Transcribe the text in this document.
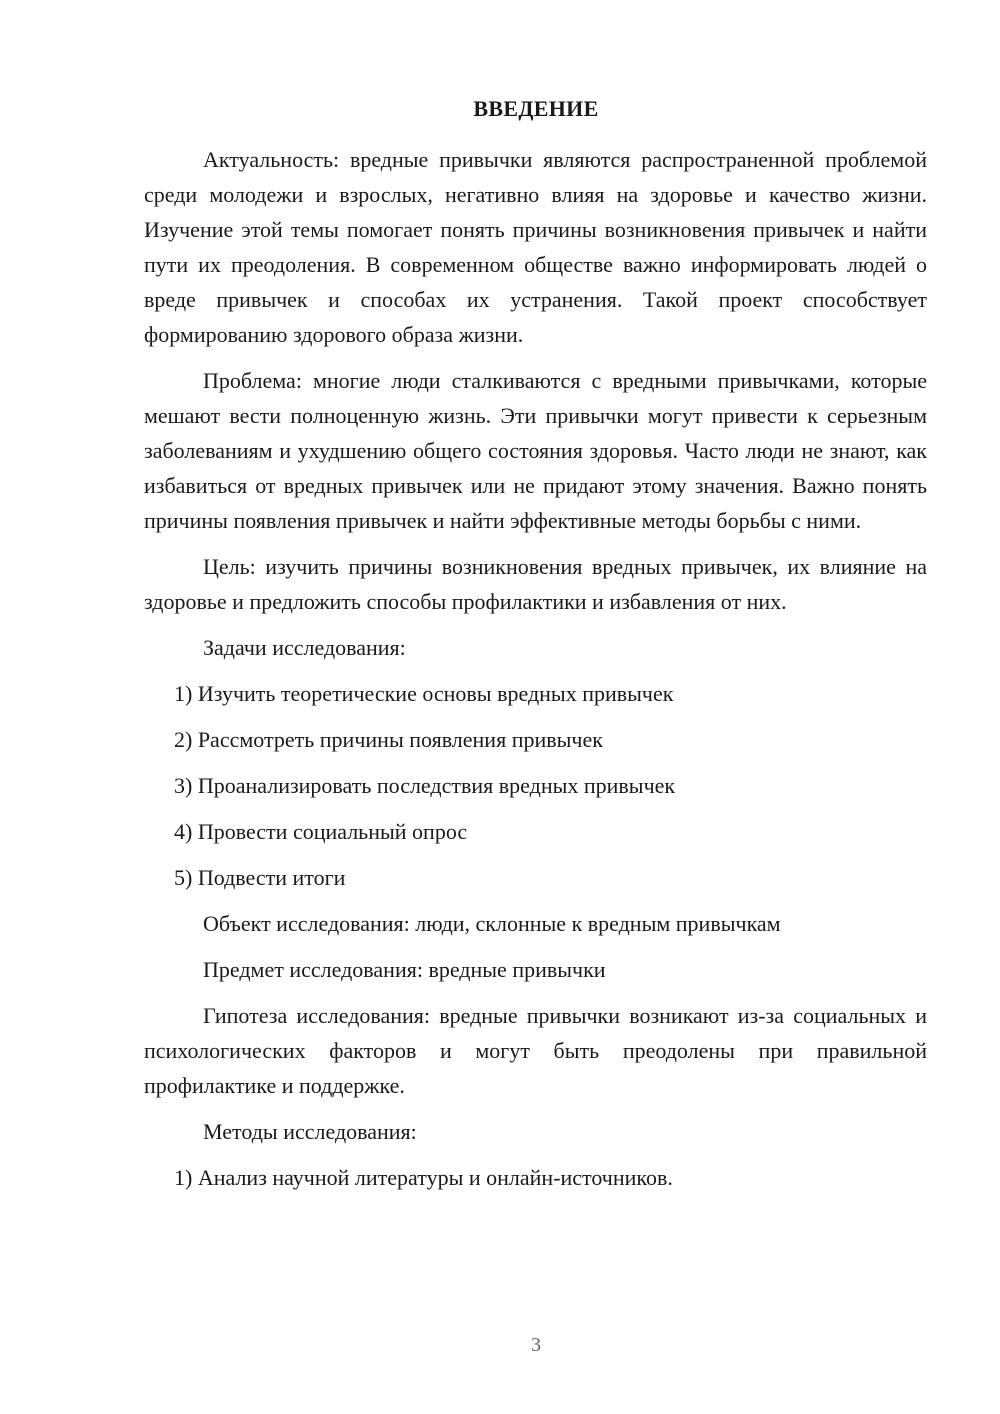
ВВЕДЕНИЕ

Актуальность: вредные привычки являются распространенной проблемой среди молодежи и взрослых, негативно влияя на здоровье и качество жизни. Изучение этой темы помогает понять причины возникновения привычек и найти пути их преодоления. В современном обществе важно информировать людей о вреде привычек и способах их устранения. Такой проект способствует формированию здорового образа жизни.

Проблема: многие люди сталкиваются с вредными привычками, которые мешают вести полноценную жизнь. Эти привычки могут привести к серьезным заболеваниям и ухудшению общего состояния здоровья. Часто люди не знают, как избавиться от вредных привычек или не придают этому значения. Важно понять причины появления привычек и найти эффективные методы борьбы с ними.

Цель: изучить причины возникновения вредных привычек, их влияние на здоровье и предложить способы профилактики и избавления от них.

Задачи исследования:

1) Изучить теоретические основы вредных привычек

2) Рассмотреть причины появления привычек

3) Проанализировать последствия вредных привычек

4) Провести социальный опрос

5) Подвести итоги

Объект исследования: люди, склонные к вредным привычкам

Предмет исследования: вредные привычки

Гипотеза исследования: вредные привычки возникают из-за социальных и психологических факторов и могут быть преодолены при правильной профилактике и поддержке.

Методы исследования:

1) Анализ научной литературы и онлайн-источников.

3
